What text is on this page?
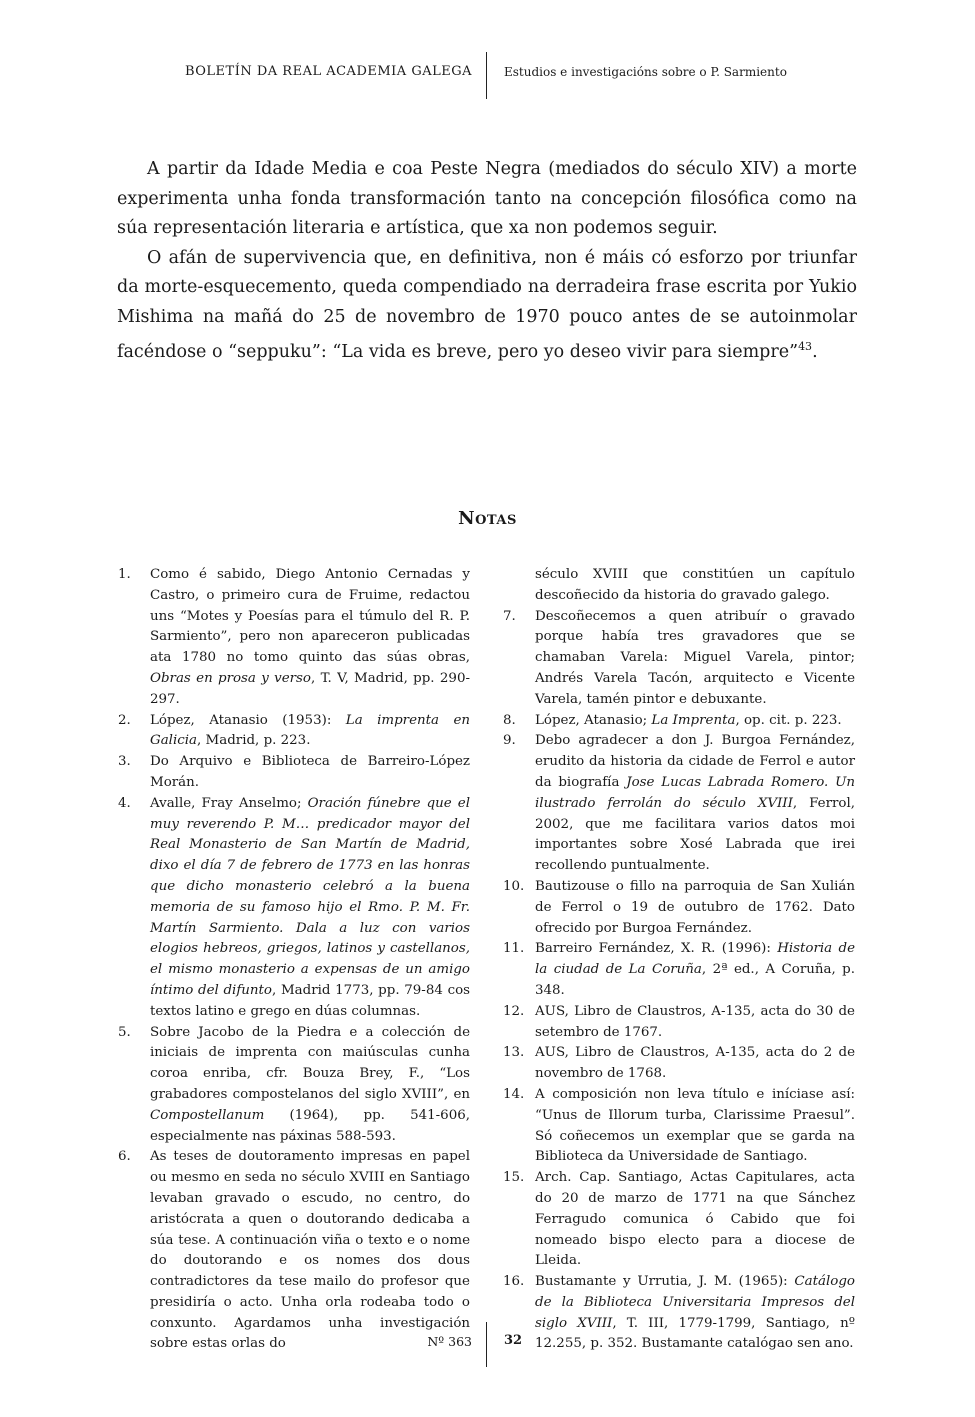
BOLETÍN DA REAL ACADEMIA GALEGA	Estudios e investigacións sobre o P. Sarmiento

A partir da Idade Media e coa Peste Negra (mediados do século XIV) a morte experimenta unha fonda transformación tanto na concepción filosófica como na súa representación literaria e artística, que xa non podemos seguir.

O afán de supervivencia que, en definitiva, non é máis có esforzo por triunfar da morte-esquecemento, queda compendiado na derradeira frase escrita por Yukio Mishima na mañá do 25 de novembro de 1970 pouco antes de se autoinmolar facéndose o “seppuku”: “La vida es breve, pero yo deseo vivir para siempre”$^{43}$.

Notas
1.	Como é sabido, Diego Antonio Cernadas y Castro, o primeiro cura de Fruime, redactou uns “Motes y Poesías para el túmulo del R. P. Sarmiento”, pero non apareceron publicadas ata 1780 no tomo quinto das súas obras, Obras en prosa y verso, T. V, Madrid, pp. 290-297.
2.	López, Atanasio (1953): La imprenta en Galicia, Madrid, p. 223.
3.	Do Arquivo e Biblioteca de Barreiro-López Morán.
4.	Avalle, Fray Anselmo; Oración fúnebre que el muy reverendo P. M… predicador mayor del Real Monasterio de San Martín de Madrid, dixo el día 7 de febrero de 1773 en las honras que dicho monasterio celebró a la buena memoria de su famoso hijo el Rmo. P. M. Fr. Martín Sarmiento. Dala a luz con varios elogios hebreos, griegos, latinos y castellanos, el mismo monasterio a expensas de un amigo íntimo del difunto, Madrid 1773, pp. 79-84 cos textos latino e grego en dúas columnas.
5.	Sobre Jacobo de la Piedra e a colección de iniciais de imprenta con maiúsculas cunha coroa enriba, cfr. Bouza Brey, F., “Los grabadores compostelanos del siglo XVIII”, en Compostellanum (1964), pp. 541-606, especialmente nas páxinas 588-593.
6.	As teses de doutoramento impresas en papel ou mesmo en seda no século XVIII en Santiago levaban gravado o escudo, no centro, do aristócrata a quen o doutorando dedicaba a súa tese. A continuación viña o texto e o nome do doutorando e os nomes dos dous contradictores da tese mailo do profesor que presidiría o acto. Unha orla rodeaba todo o conxunto. Agardamos unha investigación sobre estas orlas do
século XVIII que constitúen un capítulo descoñecido da historia do gravado galego.
7.	Descoñecemos a quen atribuír o gravado porque había tres gravadores que se chamaban Varela: Miguel Varela, pintor; Andrés Varela Tacón, arquitecto e Vicente Varela, tamén pintor e debuxante.
8.	López, Atanasio; La Imprenta, op. cit. p. 223.
9.	Debo agradecer a don J. Burgoa Fernández, erudito da historia da cidade de Ferrol e autor da biografía Jose Lucas Labrada Romero. Un ilustrado ferrolán do século XVIII, Ferrol, 2002, que me facilitara varios datos moi importantes sobre Xosé Labrada que irei recollendo puntualmente.
10. Bautizouse o fillo na parroquia de San Xulián de Ferrol o 19 de outubro de 1762. Dato ofrecido por Burgoa Fernández.
11. Barreiro Fernández, X. R. (1996): Historia de la ciudad de La Coruña, 2ª ed., A Coruña, p. 348.
12. AUS, Libro de Claustros, A-135, acta do 30 de setembro de 1767.
13. AUS, Libro de Claustros, A-135, acta do 2 de novembro de 1768.
14. A composición non leva título e iníciase así: “Unus de Illorum turba, Clarissime Praesul”. Só coñecemos un exemplar que se garda na Biblioteca da Universidade de Santiago.
15. Arch. Cap. Santiago, Actas Capitulares, acta do 20 de marzo de 1771 na que Sánchez Ferragudo comunica ó Cabido que foi nomeado bispo electo para a diocese de Lleida.
16. Bustamante y Urrutia, J. M. (1965): Catálogo de la Biblioteca Universitaria Impresos del siglo XVIII, T. III, 1779-1799, Santiago, nº 12.255, p. 352. Bustamante catalógao sen ano.
Nº 363 32
